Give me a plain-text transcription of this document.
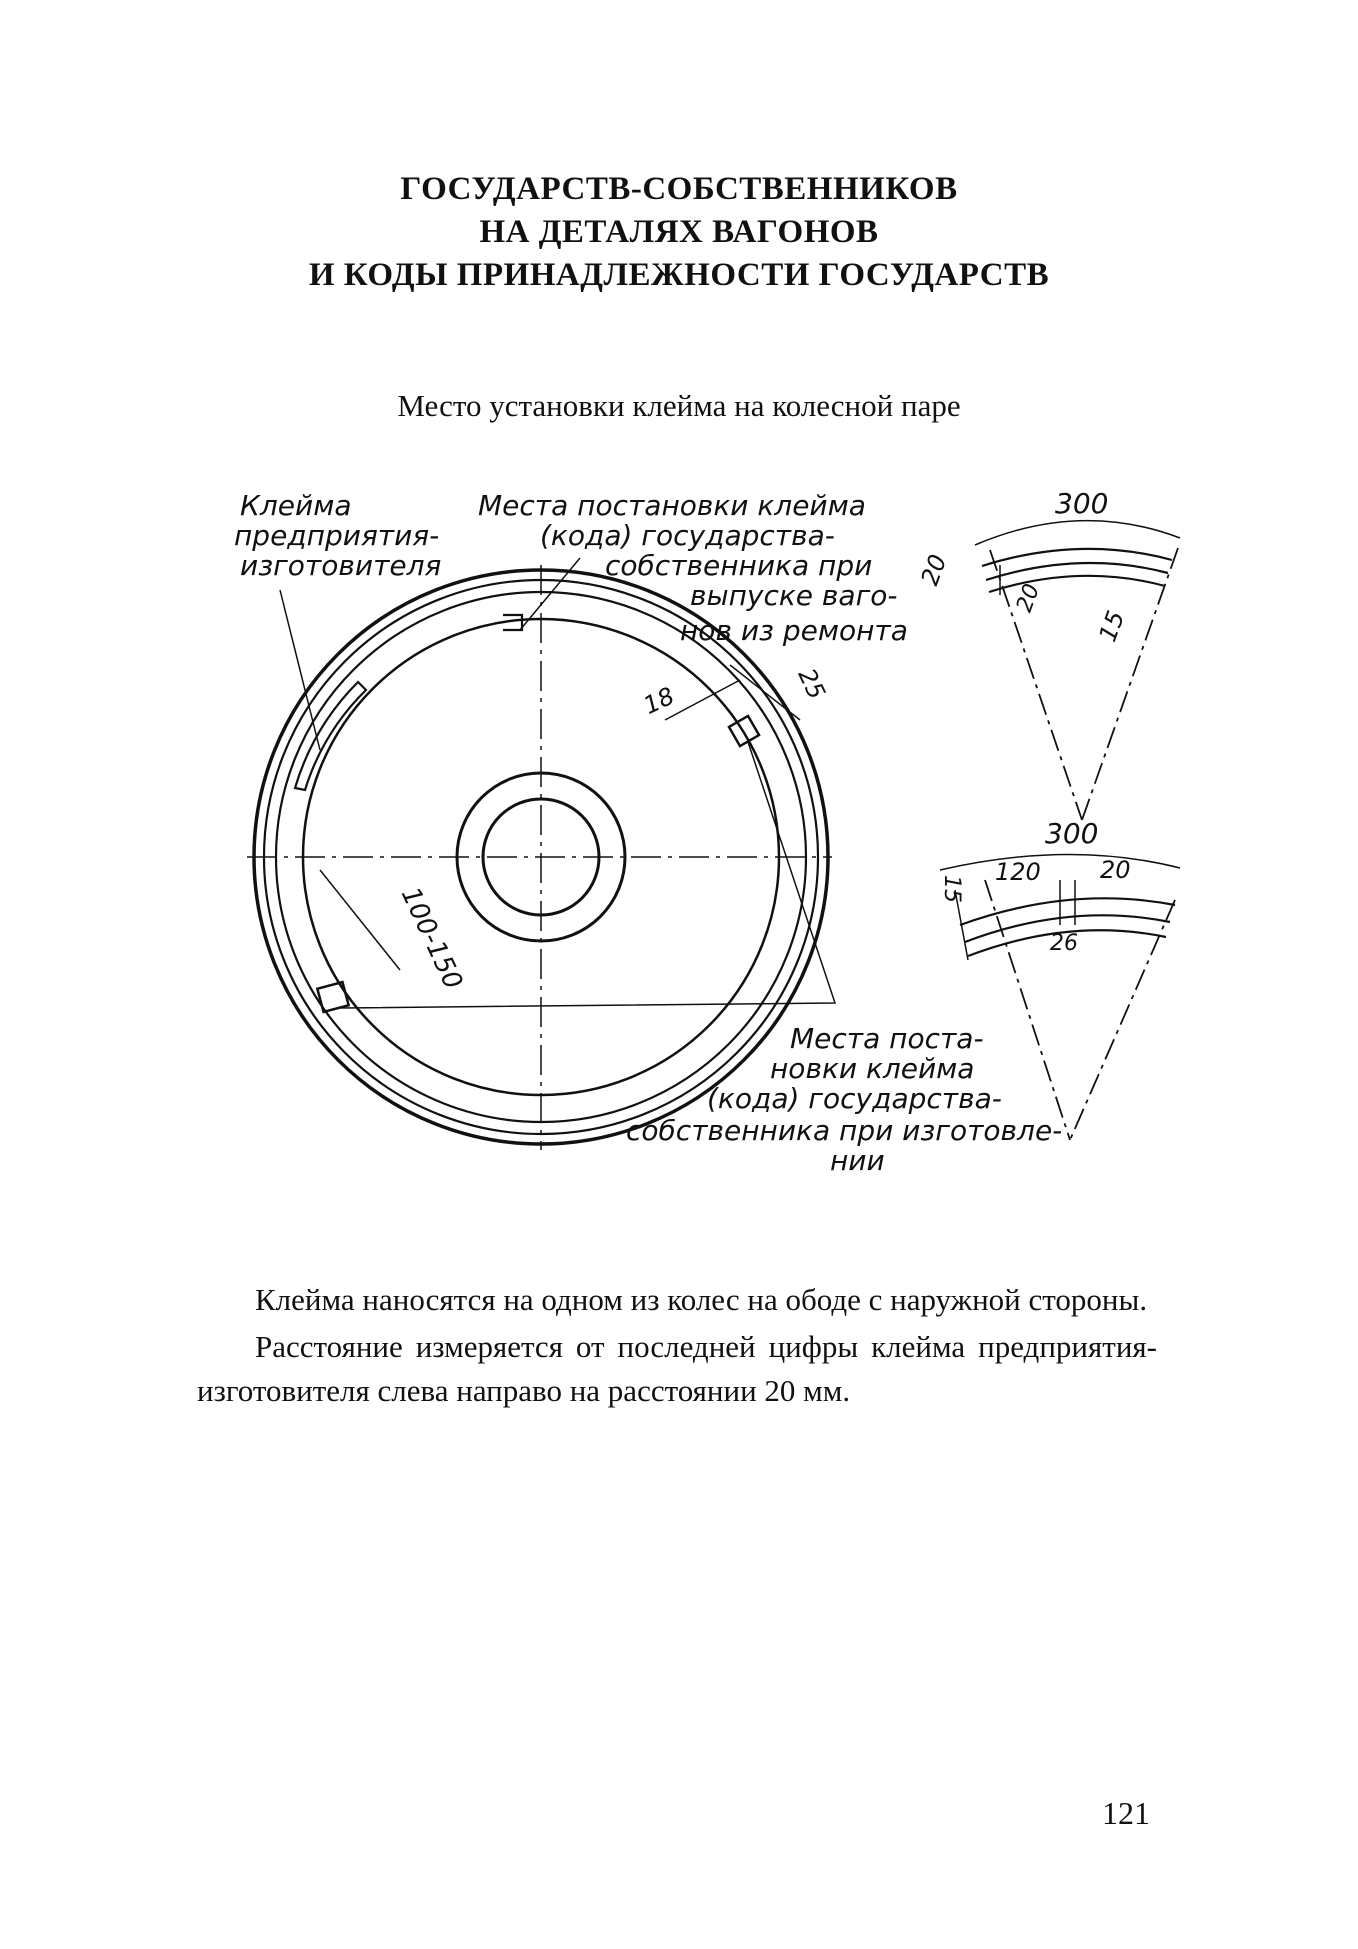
ГОСУДАРСТВ-СОБСТВЕННИКОВ
НА ДЕТАЛЯХ ВАГОНОВ
И КОДЫ ПРИНАДЛЕЖНОСТИ ГОСУДАРСТВ
Место установки клейма на колесной паре
Клейма
предприятия-
изготовителя
Места постановки клейма
(кода) государства-
собственника при
выпуске ваго-
нов из ремонта
Места поста-
новки клейма
(кода) государства-
собственника при изготовле-
нии
18	25
100-150
300
20
20
15
300
15
120 20
26

Клейма наносятся на одном из колес на ободе с наружной стороны.

Расстояние измеряется от последней цифры клейма предприятия-изготовителя слева направо на расстоянии 20 мм.

121
